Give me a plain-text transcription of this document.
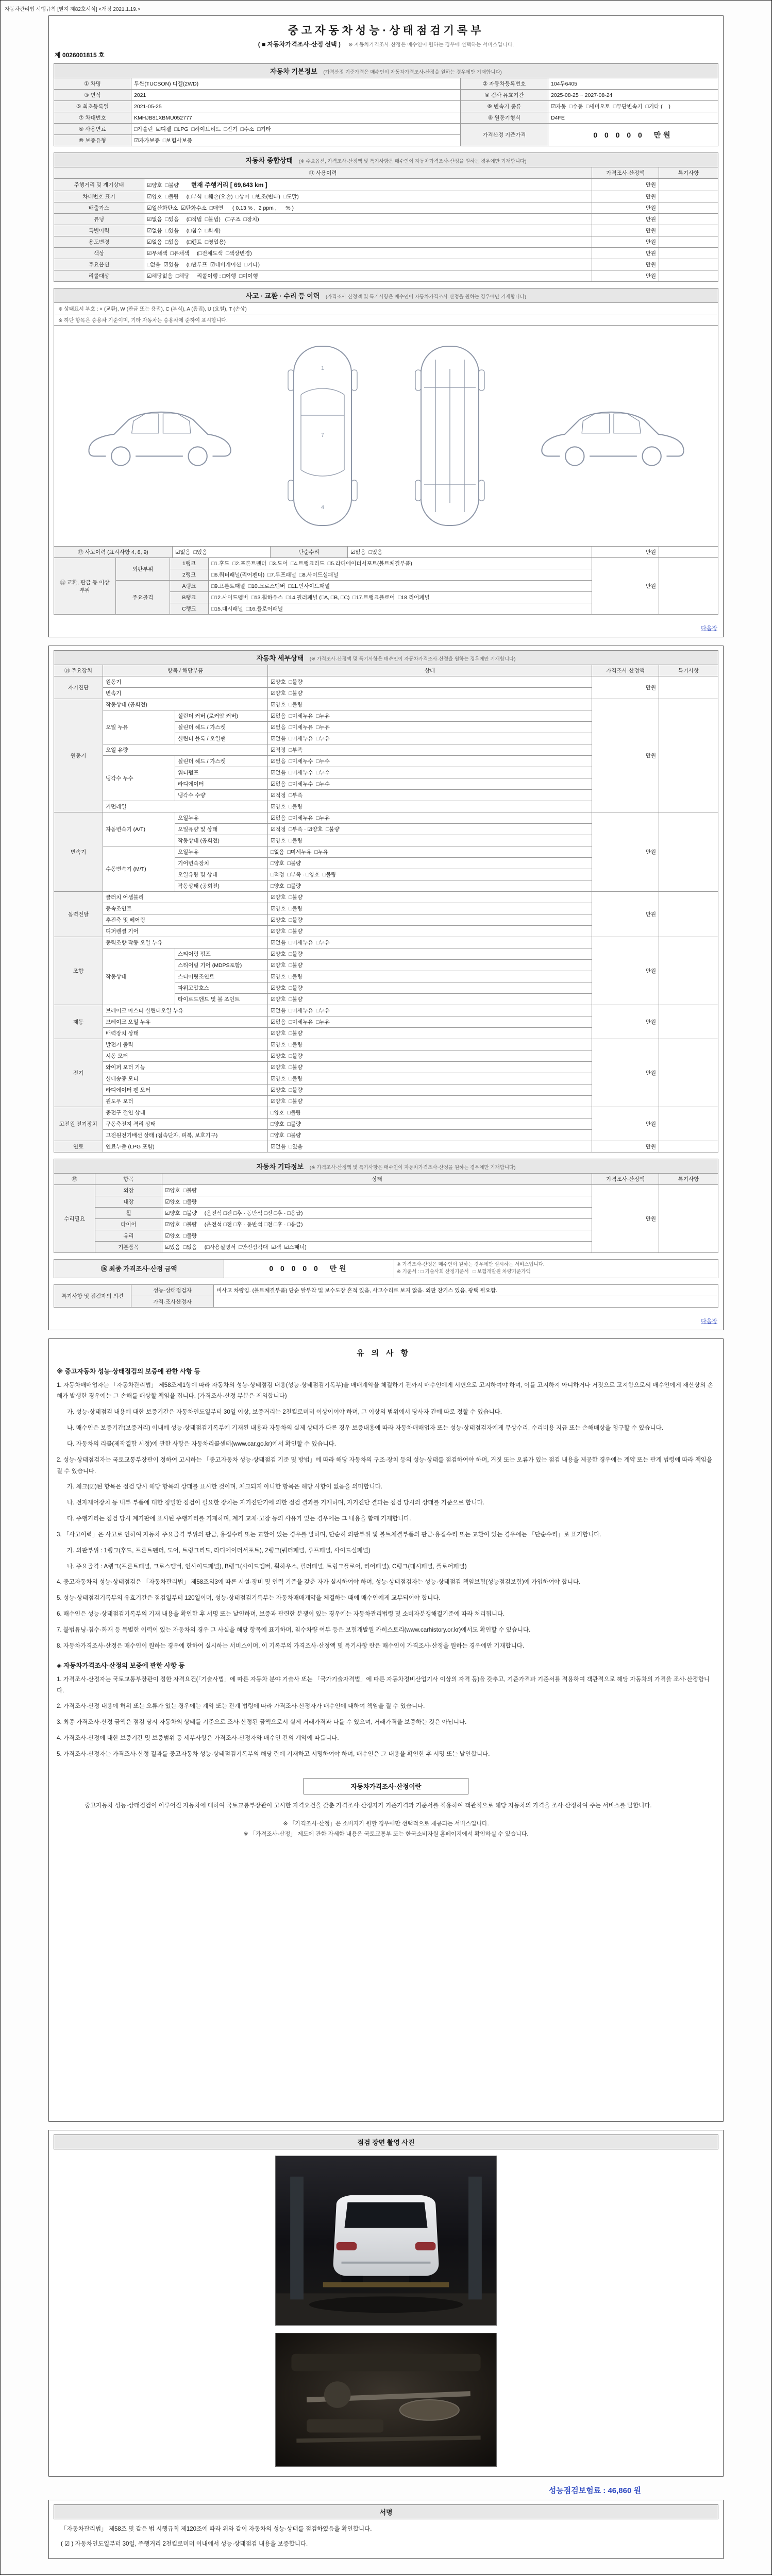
자동차관리법 시행규칙 [별지 제82호서식] <개정 2021.1.19.>
중고자동차성능·상태점검기록부
( ■ 자동차가격조사·산정 선택 ) ※ 자동차가격조사·산정은 매수인이 원하는 경우에 선택하는 서비스입니다.
제 0026001815 호
자동차 기본정보 (가격산정 기준가격은 매수인이 자동차가격조사·산정을 원하는 경우에만 기재합니다)
① 차명	투싼(TUCSON) 디젤(2WD)	② 자동차등록번호	104두6405
③ 연식	2021	④ 검사 유효기간	2025-08-25 ~ 2027-08-24
⑤ 최초등록일	2021-05-25	⑥ 변속기 종류	☑자동  □수동  □세미오토  □무단변속기  □기타 (    )
⑦ 차대번호	KMHJB81XBMU052777	⑧ 원동기형식	D4FE
⑨ 사용연료	□가솔린  ☑디젤  □LPG  □하이브리드  □전기  □수소  □기타	가격산정 기준가격	0 0 0 0 0  만원
⑩ 보증유형	☑자가보증  □보험사보증		
자동차 종합상태 (※ 주요옵션, 가격조사·산정액 및 특기사항은 매수인이 자동차가격조사·산정을 원하는 경우에만 기재합니다)
⑪ 사용이력		가격조사·산정액	특기사항
주행거리 및 계기상태	☑양호  □불량        현재 주행거리 [ 69,643 km ]	만원	
차대번호 표기	☑양호  □불량     (□부식  □훼손(오손)  □상이  □변조(변타)  □도말)	만원	
배출가스	☑일산화탄소  ☑탄화수소  □매연      ( 0.13 % ,  2 ppm ,      % )	만원	
튜닝	☑없음  □있음     (□적법  □불법)   (□구조  □장치)	만원	
특별이력	☑없음  □있음     (□침수  □화재)	만원	
용도변경	☑없음  □있음     (□렌트  □영업용)	만원	
색상	☑무채색  □유채색     (□전체도색  □색상변경)	만원	
주요옵션	□없음  ☑있음     (□썬루프  ☑네비게이션  □기타)	만원	
리콜대상	☑해당없음  □해당     리콜이행 : □이행  □미이행	만원	
사고 · 교환 · 수리 등 이력 (가격조사·산정액 및 특기사항은 매수인이 자동차가격조사·산정을 원하는 경우에만 기재합니다)
※ 상태표시 부호 : × (교환), W (판금 또는 용접), C (부식), A (흠집), U (요철), T (손상)
※ 하단 항목은 승용차 기준이며, 기타 자동차는 승용차에 준하여 표시합니다.
1
7
4
⑫ 사고이력 (표시사항 4, 8, 9)	☑없음  □있음	단순수리	☑없음  □있음	만원	
⑬ 교환, 판금 등 이상 부위	외판부위	1랭크	□1.후드  □2.프론트펜더  □3.도어  □4.트렁크리드  □5.라디에이터서포트(볼트체결부품)	만원	
		2랭크	□6.쿼터패널(리어펜더)  □7.루프패널  □8.사이드실패널		
	주요골격	A랭크	□9.프론트패널  □10.크로스멤버  □11.인사이드패널		
		B랭크	□12.사이드멤버  □13.휠하우스  □14.필러패널 (□A, □B, □C)  □17.트렁크플로어  □18.리어패널		
		C랭크	□15.대시패널  □16.플로어패널		
다음장
자동차 세부상태 (※ 가격조사·산정액 및 특기사항은 매수인이 자동차가격조사·산정을 원하는 경우에만 기재합니다)
⑭ 주요장치	항목 / 해당부품		상태	가격조사·산정액	특기사항
자기진단	원동기		☑양호  □불량	만원	
	변속기		☑양호  □불량		
원동기	작동상태 (공회전)		☑양호  □불량	만원	
	오일 누유	실린더 커버 (로커암 커버)	☑없음  □미세누유  □누유		
		실린더 헤드 / 가스켓	☑없음  □미세누유  □누유		
		실린더 블록 / 오일팬	☑없음  □미세누유  □누유		
	오일 유량		☑적정  □부족		
	냉각수 누수	실린더 헤드 / 가스켓	☑없음  □미세누수  □누수		
		워터펌프	☑없음  □미세누수  □누수		
		라디에이터	☑없음  □미세누수  □누수		
		냉각수 수량	☑적정  □부족		
	커먼레일		☑양호  □불량		
변속기	자동변속기 (A/T)	오일누유	☑없음  □미세누유  □누유	만원	
		오일유량 및 상태	☑적정  □부족 · ☑양호  □불량		
		작동상태 (공회전)	☑양호  □불량		
	수동변속기 (M/T)	오일누유	□없음  □미세누유  □누유		
		기어변속장치	□양호  □불량		
		오일유량 및 상태	□적정  □부족 · □양호  □불량		
		작동상태 (공회전)	□양호  □불량		
동력전달	클러치 어셈블리		☑양호  □불량	만원	
	등속조인트		☑양호  □불량		
	추진축 및 베어링		☑양호  □불량		
	디퍼렌셜 기어		☑양호  □불량		
조향	동력조향 작동 오일 누유		☑없음  □미세누유  □누유	만원	
	작동상태	스티어링 펌프	☑양호  □불량		
		스티어링 기어 (MDPS포함)	☑양호  □불량		
		스티어링조인트	☑양호  □불량		
		파워고압호스	☑양호  □불량		
		타이로드엔드 및 볼 조인트	☑양호  □불량		
제동	브레이크 마스터 실린더오일 누유		☑없음  □미세누유  □누유	만원	
	브레이크 오일 누유		☑없음  □미세누유  □누유		
	배력장치 상태		☑양호  □불량		
전기	발전기 출력		☑양호  □불량	만원	
	시동 모터		☑양호  □불량		
	와이퍼 모터 기능		☑양호  □불량		
	실내송풍 모터		☑양호  □불량		
	라디에이터 팬 모터		☑양호  □불량		
	윈도우 모터		☑양호  □불량		
고전원 전기장치	충전구 절연 상태		□양호  □불량	만원	
	구동축전지 격리 상태		□양호  □불량		
	고전원전기배선 상태 (접속단자, 피복, 보호기구)		□양호  □불량		
연료	연료누출 (LPG 포함)		☑없음  □있음	만원	
자동차 기타정보 (※ 가격조사·산정액 및 특기사항은 매수인이 자동차가격조사·산정을 원하는 경우에만 기재합니다)
⑮	항목	상태	가격조사·산정액	특기사항
수리필요	외장	☑양호  □불량	만원	
	내장	☑양호  □불량		
	휠	☑양호  □불량     (운전석 □전 □후 · 동반석 □전 □후 · □응급)		
	타이어	☑양호  □불량     (운전석 □전 □후 · 동반석 □전 □후 · □응급)		
	유리	☑양호  □불량		
	기본품목	☑있음  □없음     (□사용설명서  □안전삼각대  ☑잭  ☑스패너)		
⑯ 최종 가격조사·산정 금액	0 0 0 0 0  만원	※ 가격조사·산정은 매수인이 원하는 경우에만 실시하는 서비스입니다.
※ 기준서 : □ 기술사회 산정기준서   □ 보험개발원 차량기준가액
특기사항 및 점검자의 의견	성능·상태점검자	비사고 차량임. (볼트체결부품) 단순 탈부착 및 보수도장 흔적 있음, 사고수리로 보지 않음. 외판 잔기스 있음, 광택 필요함.
	가격·조사산정자	
다음장
유의사항
※ 중고자동차 성능·상태점검의 보증에 관한 사항 등
1. 자동차매매업자는 「자동차관리법」 제58조제1항에 따라 자동차의 성능·상태점검 내용(성능·상태점검기록부)을 매매계약을 체결하기 전까지 매수인에게 서면으로 고지하여야 하며, 이를 고지하지 아니하거나 거짓으로 고지함으로써 매수인에게 재산상의 손해가 발생한 경우에는 그 손해를 배상할 책임을 집니다. (가격조사·산정 부분은 제외합니다)
가. 성능·상태점검 내용에 대한 보증기간은 자동차인도일부터 30일 이상, 보증거리는 2천킬로미터 이상이어야 하며, 그 이상의 범위에서 당사자 간에 따로 정할 수 있습니다.
나. 매수인은 보증기간(보증거리) 이내에 성능·상태점검기록부에 기재된 내용과 자동차의 실제 상태가 다른 경우 보증내용에 따라 자동차매매업자 또는 성능·상태점검자에게 무상수리, 수리비용 지급 또는 손해배상을 청구할 수 있습니다.
다. 자동차의 리콜(제작결함 시정)에 관한 사항은 자동차리콜센터(www.car.go.kr)에서 확인할 수 있습니다.
2. 성능·상태점검자는 국토교통부장관이 정하여 고시하는 「중고자동차 성능·상태점검 기준 및 방법」에 따라 해당 자동차의 구조·장치 등의 성능·상태를 점검하여야 하며, 거짓 또는 오류가 있는 점검 내용을 제공한 경우에는 계약 또는 관계 법령에 따라 책임을 질 수 있습니다.
가. 체크(☑)된 항목은 점검 당시 해당 항목의 상태를 표시한 것이며, 체크되지 아니한 항목은 해당 사항이 없음을 의미합니다.
나. 전자제어장치 등 내부 부품에 대한 정밀한 점검이 필요한 장치는 자기진단기에 의한 점검 결과를 기재하며, 자기진단 결과는 점검 당시의 상태를 기준으로 합니다.
다. 주행거리는 점검 당시 계기판에 표시된 주행거리를 기재하며, 계기 교체·고장 등의 사유가 있는 경우에는 그 내용을 함께 기재합니다.
3. 「사고이력」은 사고로 인하여 자동차 주요골격 부위의 판금, 용접수리 또는 교환이 있는 경우를 말하며, 단순히 외판부위 및 볼트체결부품의 판금·용접수리 또는 교환이 있는 경우에는 「단순수리」로 표기합니다.
가. 외판부위 : 1랭크(후드, 프론트펜더, 도어, 트렁크리드, 라디에이터서포트), 2랭크(쿼터패널, 루프패널, 사이드실패널)
나. 주요골격 : A랭크(프론트패널, 크로스멤버, 인사이드패널), B랭크(사이드멤버, 휠하우스, 필러패널, 트렁크플로어, 리어패널), C랭크(대시패널, 플로어패널)
4. 중고자동차의 성능·상태점검은 「자동차관리법」 제58조의3에 따른 시설·장비 및 인력 기준을 갖춘 자가 실시하여야 하며, 성능·상태점검자는 성능·상태점검 책임보험(성능점검보험)에 가입하여야 합니다.
5. 성능·상태점검기록부의 유효기간은 점검일부터 120일이며, 성능·상태점검기록부는 자동차매매계약을 체결하는 때에 매수인에게 교부되어야 합니다.
6. 매수인은 성능·상태점검기록부의 기재 내용을 확인한 후 서명 또는 날인하며, 보증과 관련한 분쟁이 있는 경우에는 자동차관리법령 및 소비자분쟁해결기준에 따라 처리됩니다.
7. 불법튜닝·침수·화재 등 특별한 이력이 있는 자동차의 경우 그 사실을 해당 항목에 표기하며, 침수차량 여부 등은 보험개발원 카히스토리(www.carhistory.or.kr)에서도 확인할 수 있습니다.
8. 자동차가격조사·산정은 매수인이 원하는 경우에 한하여 실시하는 서비스이며, 이 기록부의 가격조사·산정액 및 특기사항 란은 매수인이 가격조사·산정을 원하는 경우에만 기재합니다.
◈ 자동차가격조사·산정의 보증에 관한 사항 등
1. 가격조사·산정자는 국토교통부장관이 정한 자격요건(「기술사법」에 따른 자동차 분야 기술사 또는 「국가기술자격법」에 따른 자동차정비산업기사 이상의 자격 등)을 갖추고, 기준가격과 기준서를 적용하여 객관적으로 해당 자동차의 가격을 조사·산정합니다.
2. 가격조사·산정 내용에 허위 또는 오류가 있는 경우에는 계약 또는 관계 법령에 따라 가격조사·산정자가 매수인에 대하여 책임을 질 수 있습니다.
3. 최종 가격조사·산정 금액은 점검 당시 자동차의 상태를 기준으로 조사·산정된 금액으로서 실제 거래가격과 다를 수 있으며, 거래가격을 보증하는 것은 아닙니다.
4. 가격조사·산정에 대한 보증기간 및 보증범위 등 세부사항은 가격조사·산정자와 매수인 간의 계약에 따릅니다.
5. 가격조사·산정자는 가격조사·산정 결과를 중고자동차 성능·상태점검기록부의 해당 란에 기재하고 서명하여야 하며, 매수인은 그 내용을 확인한 후 서명 또는 날인합니다.
자동차가격조사·산정이란
중고자동차 성능·상태점검이 이루어진 자동차에 대하여 국토교통부장관이 고시한 자격요건을 갖춘 가격조사·산정자가 기준가격과 기준서를 적용하여 객관적으로 해당 자동차의 가격을 조사·산정하여 주는 서비스를 말합니다.
※ 「가격조사·산정」은 소비자가 원할 경우에만 선택적으로 제공되는 서비스입니다.
※ 「가격조사·산정」 제도에 관한 자세한 내용은 국토교통부 또는 한국소비자원 홈페이지에서 확인하실 수 있습니다.
점검 장면 촬영 사진
성능점검보험료 : 46,860 원
서명
「자동차관리법」 제58조 및 같은 법 시행규칙 제120조에 따라 위와 같이 자동차의 성능·상태를 점검하였음을 확인합니다.
( ☑ ) 자동차인도일부터 30일, 주행거리 2천킬로미터 이내에서 성능·상태점검 내용을 보증합니다.
